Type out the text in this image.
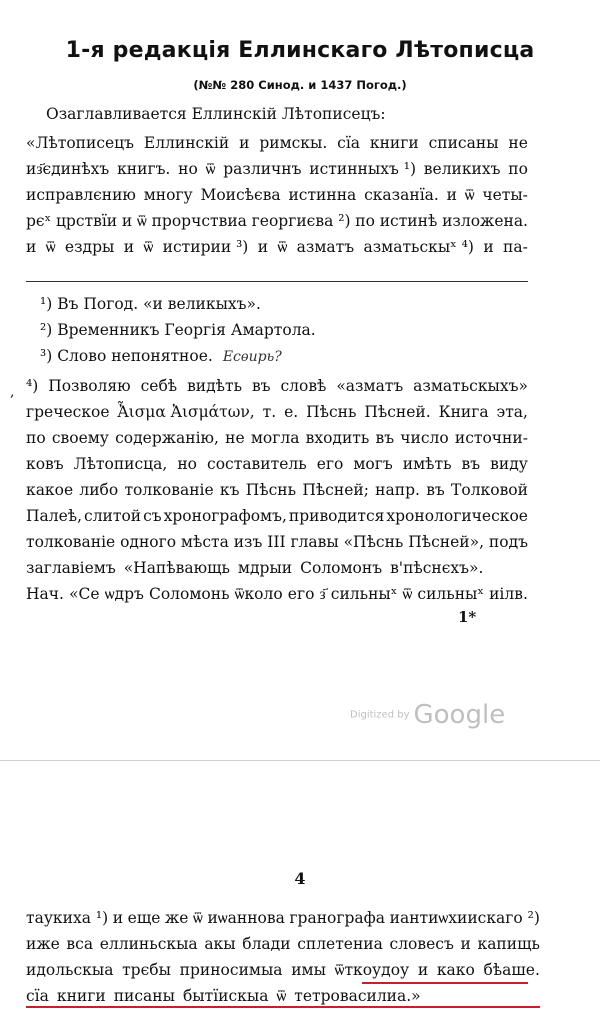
1-я редакція Еллинскаго Лѣтописца
(№№ 280 Синод. и 1437 Погод.)
Озаглавливается Еллинскій Лѣтописецъ:
«Лѣтописецъ Еллинскій и римскы. сїа книги списаны не
из҃єдинѣхъ книгъ. но ѿ различнъ истинныхъ ¹) великихъ по
исправлєнию многу Моисѣєва истинна сказанїа. и ѿ четы-
рєˣ црствїи и ѿ прорчствиа георгиєва ²) по истинѣ изложена.
и ѿ ездры и ѿ истирии ³) и ѿ азматъ азматьскыˣ ⁴) и па-
¹) Въ Погод. «и великыхъ».
²) Временникъ Георгія Амартола.
³) Слово непонятное. Есѳирь?
, ⁴) Позволяю себѣ видѣть въ словѣ «азматъ азматьскыхъ»
греческое Ἆισμα Ἀισμάτων, т. е. Пѣснь Пѣсней. Книга эта,
по своему содержанію, не могла входить въ число источни-
ковъ Лѣтописца, но составитель его могъ имѣть въ виду
какое либо толкованіе къ Пѣснь Пѣсней; напр. въ Толковой
Палеѣ, слитой съ хронографомъ, приводится хронологическое
толкованіе одного мѣста изъ III главы «Пѣснь Пѣсней», подъ
заглавіемъ «Напѣвающь мдрыи Соломонъ в'пѣснєхъ».
Нач. «Се ѡдръ Соломонь ѿколо его з҃ сильныˣ ѿ сильныˣ иiлв.
1*
Digitized by Google
4
таукиха ¹) и еще же ѿ иѡаннова гранографа иантиѡхиискаго ²)
иже вса еллиньскыа акы блади сплетениа словесъ и капищь
идольскыа трєбы приносимыа имы ѿткоудоу и како бѣаше.
сїа книги писаны бытїискыа ѿ тетровасилиа.»
